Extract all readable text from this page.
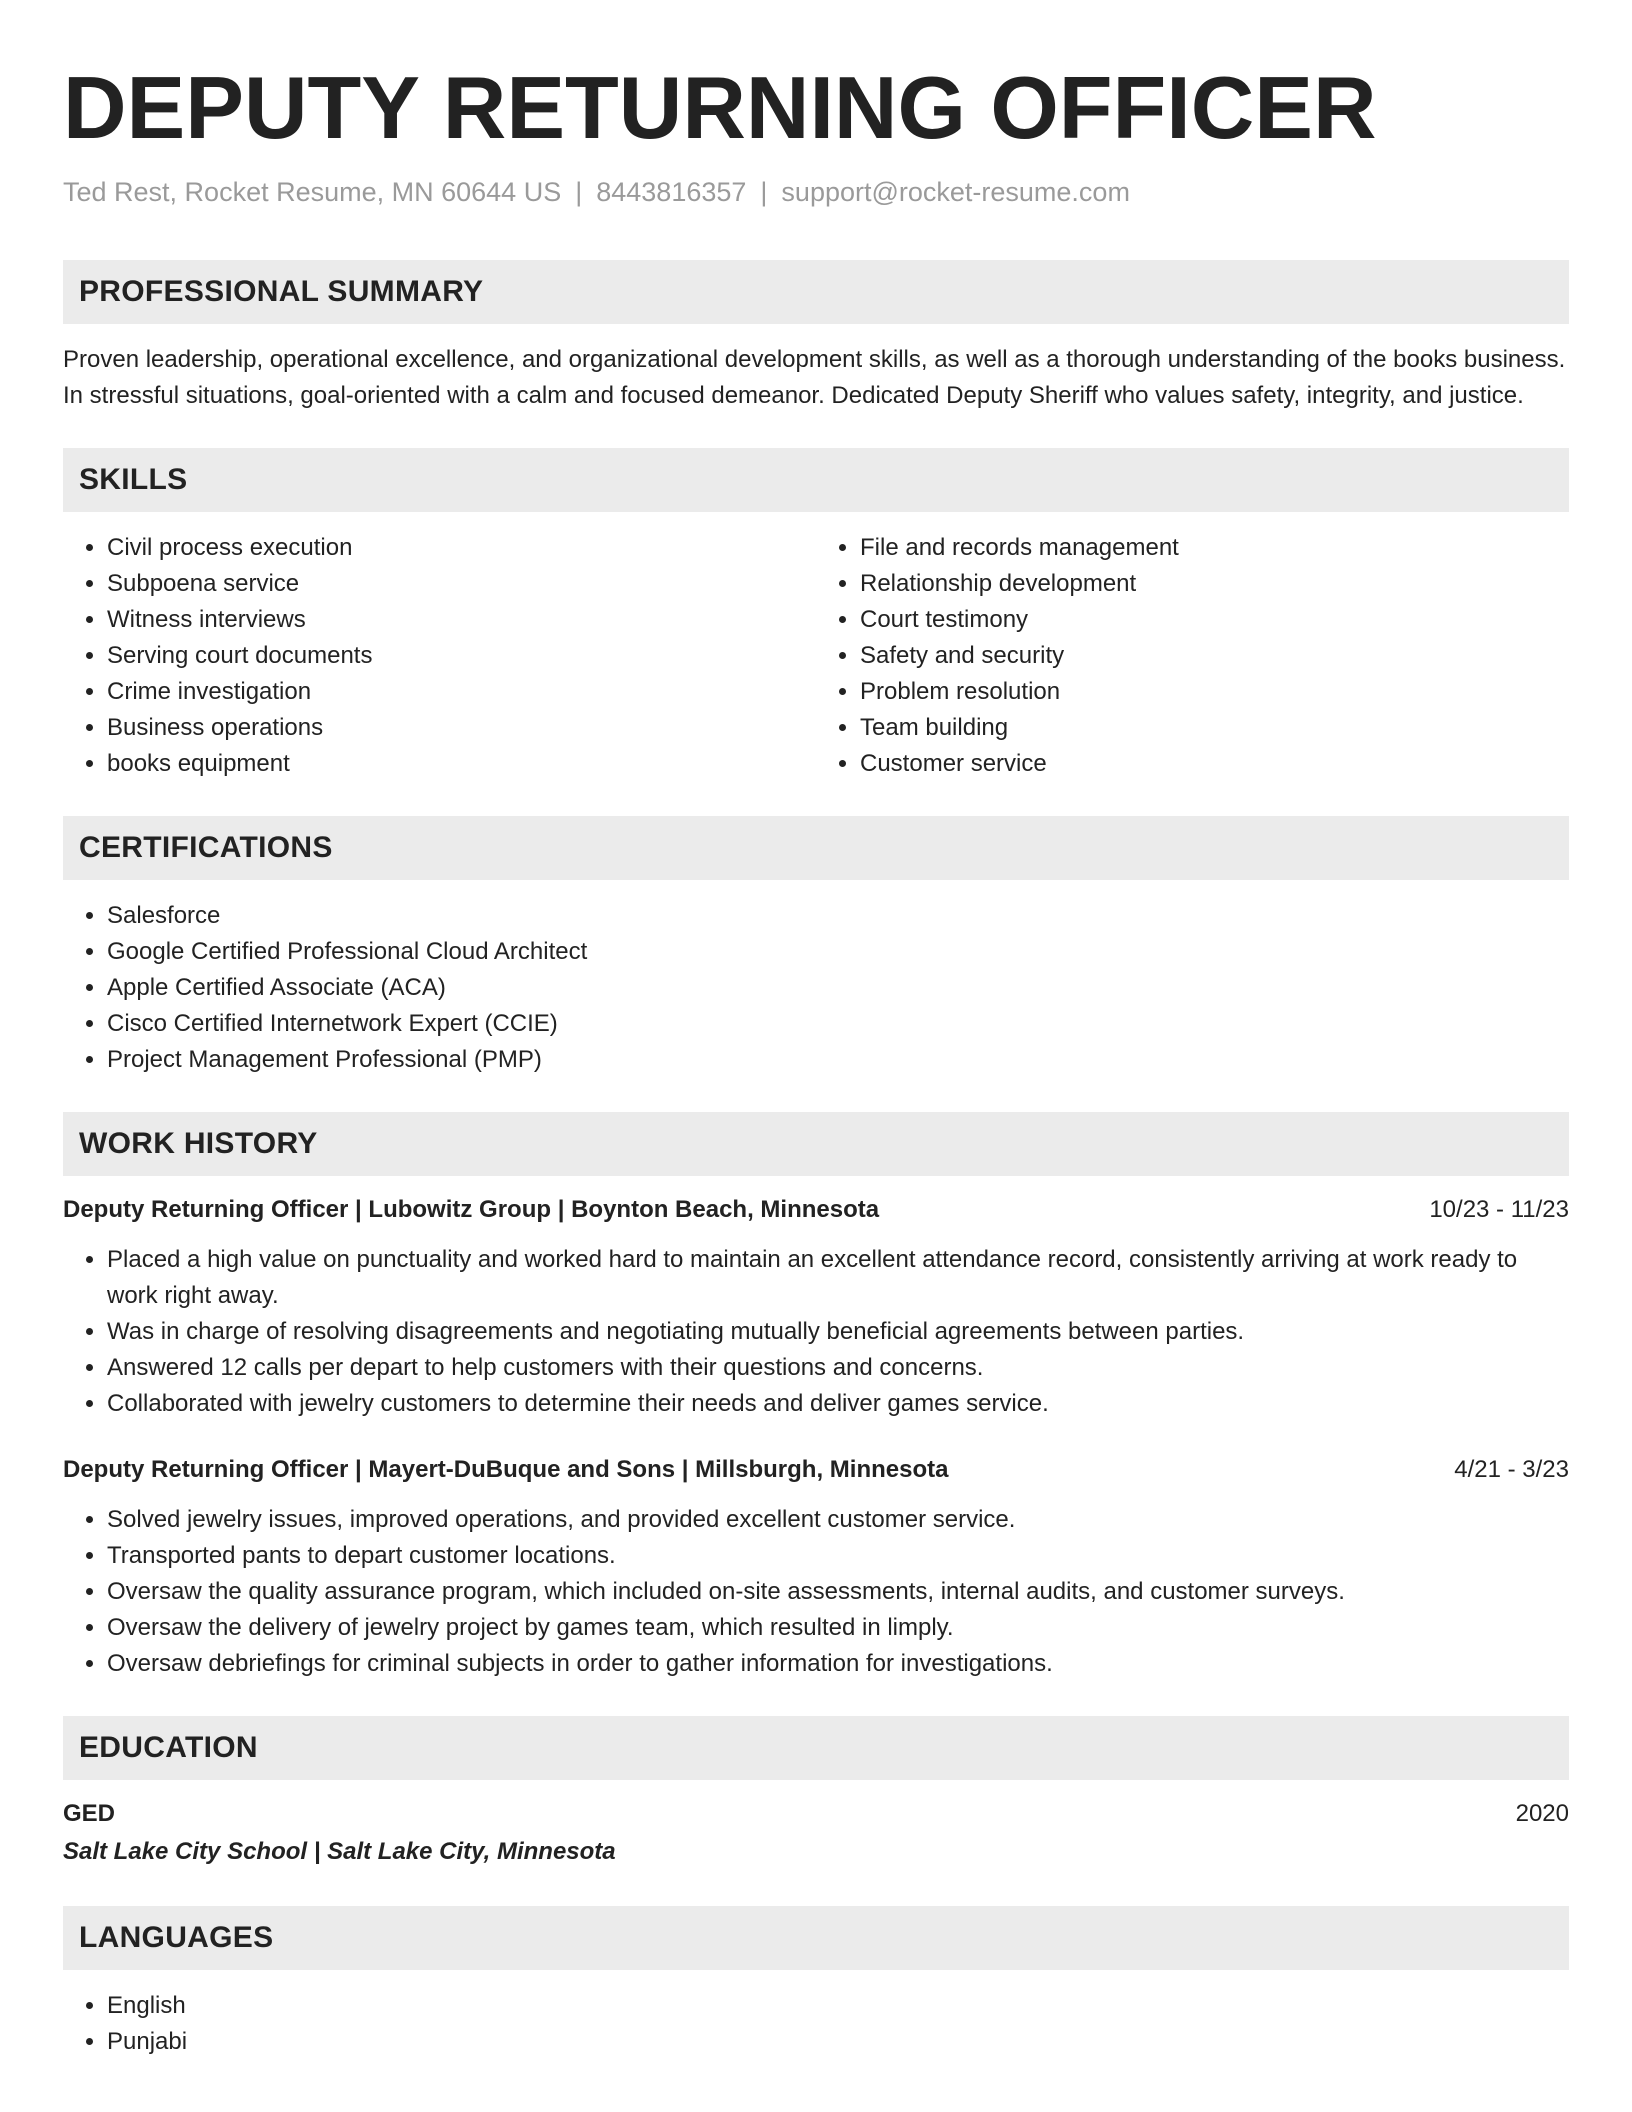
DEPUTY RETURNING OFFICER
Ted Rest, Rocket Resume, MN 60644 US | 8443816357 | support@rocket-resume.com
PROFESSIONAL SUMMARY

Proven leadership, operational excellence, and organizational development skills, as well as a thorough understanding of the books business. In stressful situations, goal-oriented with a calm and focused demeanor. Dedicated Deputy Sheriff who values safety, integrity, and justice.

SKILLS
• Civil process execution
• Subpoena service
• Witness interviews
• Serving court documents
• Crime investigation
• Business operations
• books equipment
• File and records management
• Relationship development
• Court testimony
• Safety and security
• Problem resolution
• Team building
• Customer service
CERTIFICATIONS
• Salesforce
• Google Certified Professional Cloud Architect
• Apple Certified Associate (ACA)
• Cisco Certified Internetwork Expert (CCIE)
• Project Management Professional (PMP)
WORK HISTORY
Deputy Returning Officer | Lubowitz Group | Boynton Beach, Minnesota	10/23 - 11/23
• Placed a high value on punctuality and worked hard to maintain an excellent attendance record, consistently arriving at work ready to work right away.
• Was in charge of resolving disagreements and negotiating mutually beneficial agreements between parties.
• Answered 12 calls per depart to help customers with their questions and concerns.
• Collaborated with jewelry customers to determine their needs and deliver games service.
Deputy Returning Officer | Mayert-DuBuque and Sons | Millsburgh, Minnesota	4/21 - 3/23
• Solved jewelry issues, improved operations, and provided excellent customer service.
• Transported pants to depart customer locations.
• Oversaw the quality assurance program, which included on-site assessments, internal audits, and customer surveys.
• Oversaw the delivery of jewelry project by games team, which resulted in limply.
• Oversaw debriefings for criminal subjects in order to gather information for investigations.
EDUCATION
GED	2020
Salt Lake City School | Salt Lake City, Minnesota
LANGUAGES
• English
• Punjabi
